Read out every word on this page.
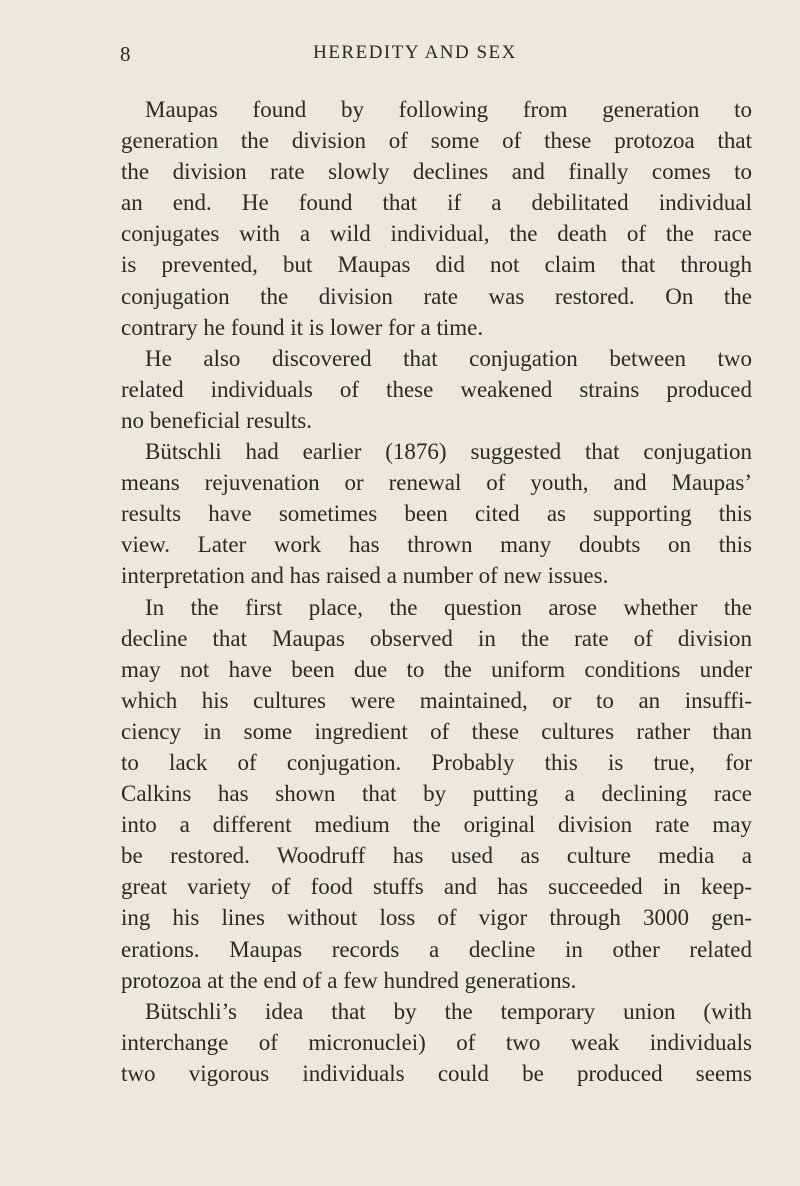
8	HEREDITY AND SEX
Maupas found by following from generation to
generation the division of some of these protozoa that
the division rate slowly declines and finally comes to
an end. He found that if a debilitated individual
conjugates with a wild individual, the death of the race
is prevented, but Maupas did not claim that through
conjugation the division rate was restored. On the
contrary he found it is lower for a time.
He also discovered that conjugation between two
related individuals of these weakened strains produced
no beneficial results.
Bütschli had earlier (1876) suggested that conjugation
means rejuvenation or renewal of youth, and Maupas’
results have sometimes been cited as supporting this
view. Later work has thrown many doubts on this
interpretation and has raised a number of new issues.
In the first place, the question arose whether the
decline that Maupas observed in the rate of division
may not have been due to the uniform conditions under
which his cultures were maintained, or to an insuffi-
ciency in some ingredient of these cultures rather than
to lack of conjugation. Probably this is true, for
Calkins has shown that by putting a declining race
into a different medium the original division rate may
be restored. Woodruff has used as culture media a
great variety of food stuffs and has succeeded in keep-
ing his lines without loss of vigor through 3000 gen-
erations. Maupas records a decline in other related
protozoa at the end of a few hundred generations.
Bütschli’s idea that by the temporary union (with
interchange of micronuclei) of two weak individuals
two vigorous individuals could be produced seems
